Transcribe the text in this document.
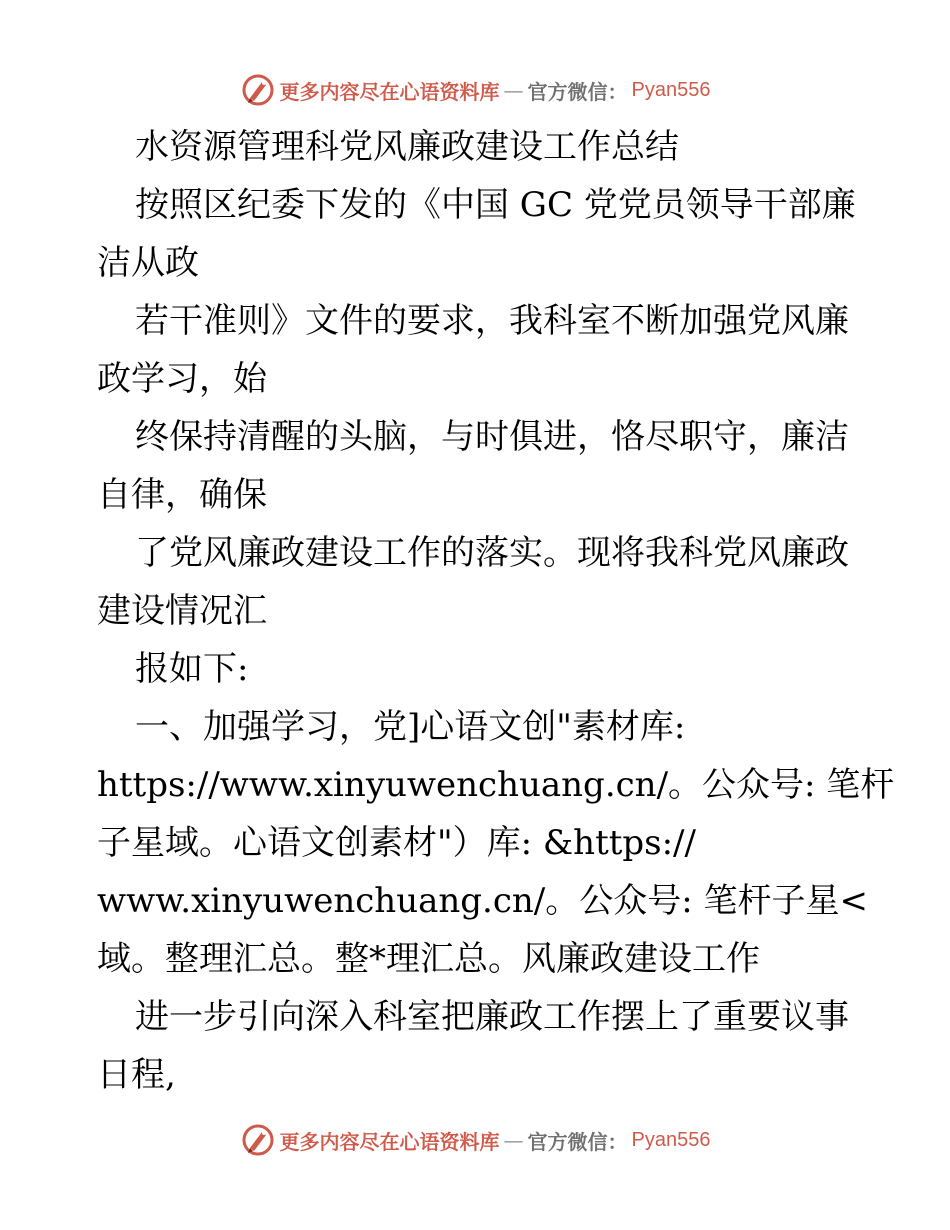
更多内容尽在心语资料库 — 官方微信： Pyan556
水资源管理科党风廉政建设工作总结
按照区纪委下发的《中国 GC 党党员领导干部廉
洁从政
若干准则》文件的要求，我科室不断加强党风廉
政学习，始
终保持清醒的头脑，与时俱进，恪尽职守，廉洁
自律，确保
了党风廉政建设工作的落实。现将我科党风廉政
建设情况汇
报如下:
一、加强学习，党]心语文创"素材库:
https://www.xinyuwenchuang.cn/。公众号: 笔杆
子星域。心语文创素材"）库: &https://
www.xinyuwenchuang.cn/。公众号: 笔杆子星<
域。整理汇总。整*理汇总。风廉政建设工作
进一步引向深入科室把廉政工作摆上了重要议事
日程,
更多内容尽在心语资料库 — 官方微信： Pyan556
